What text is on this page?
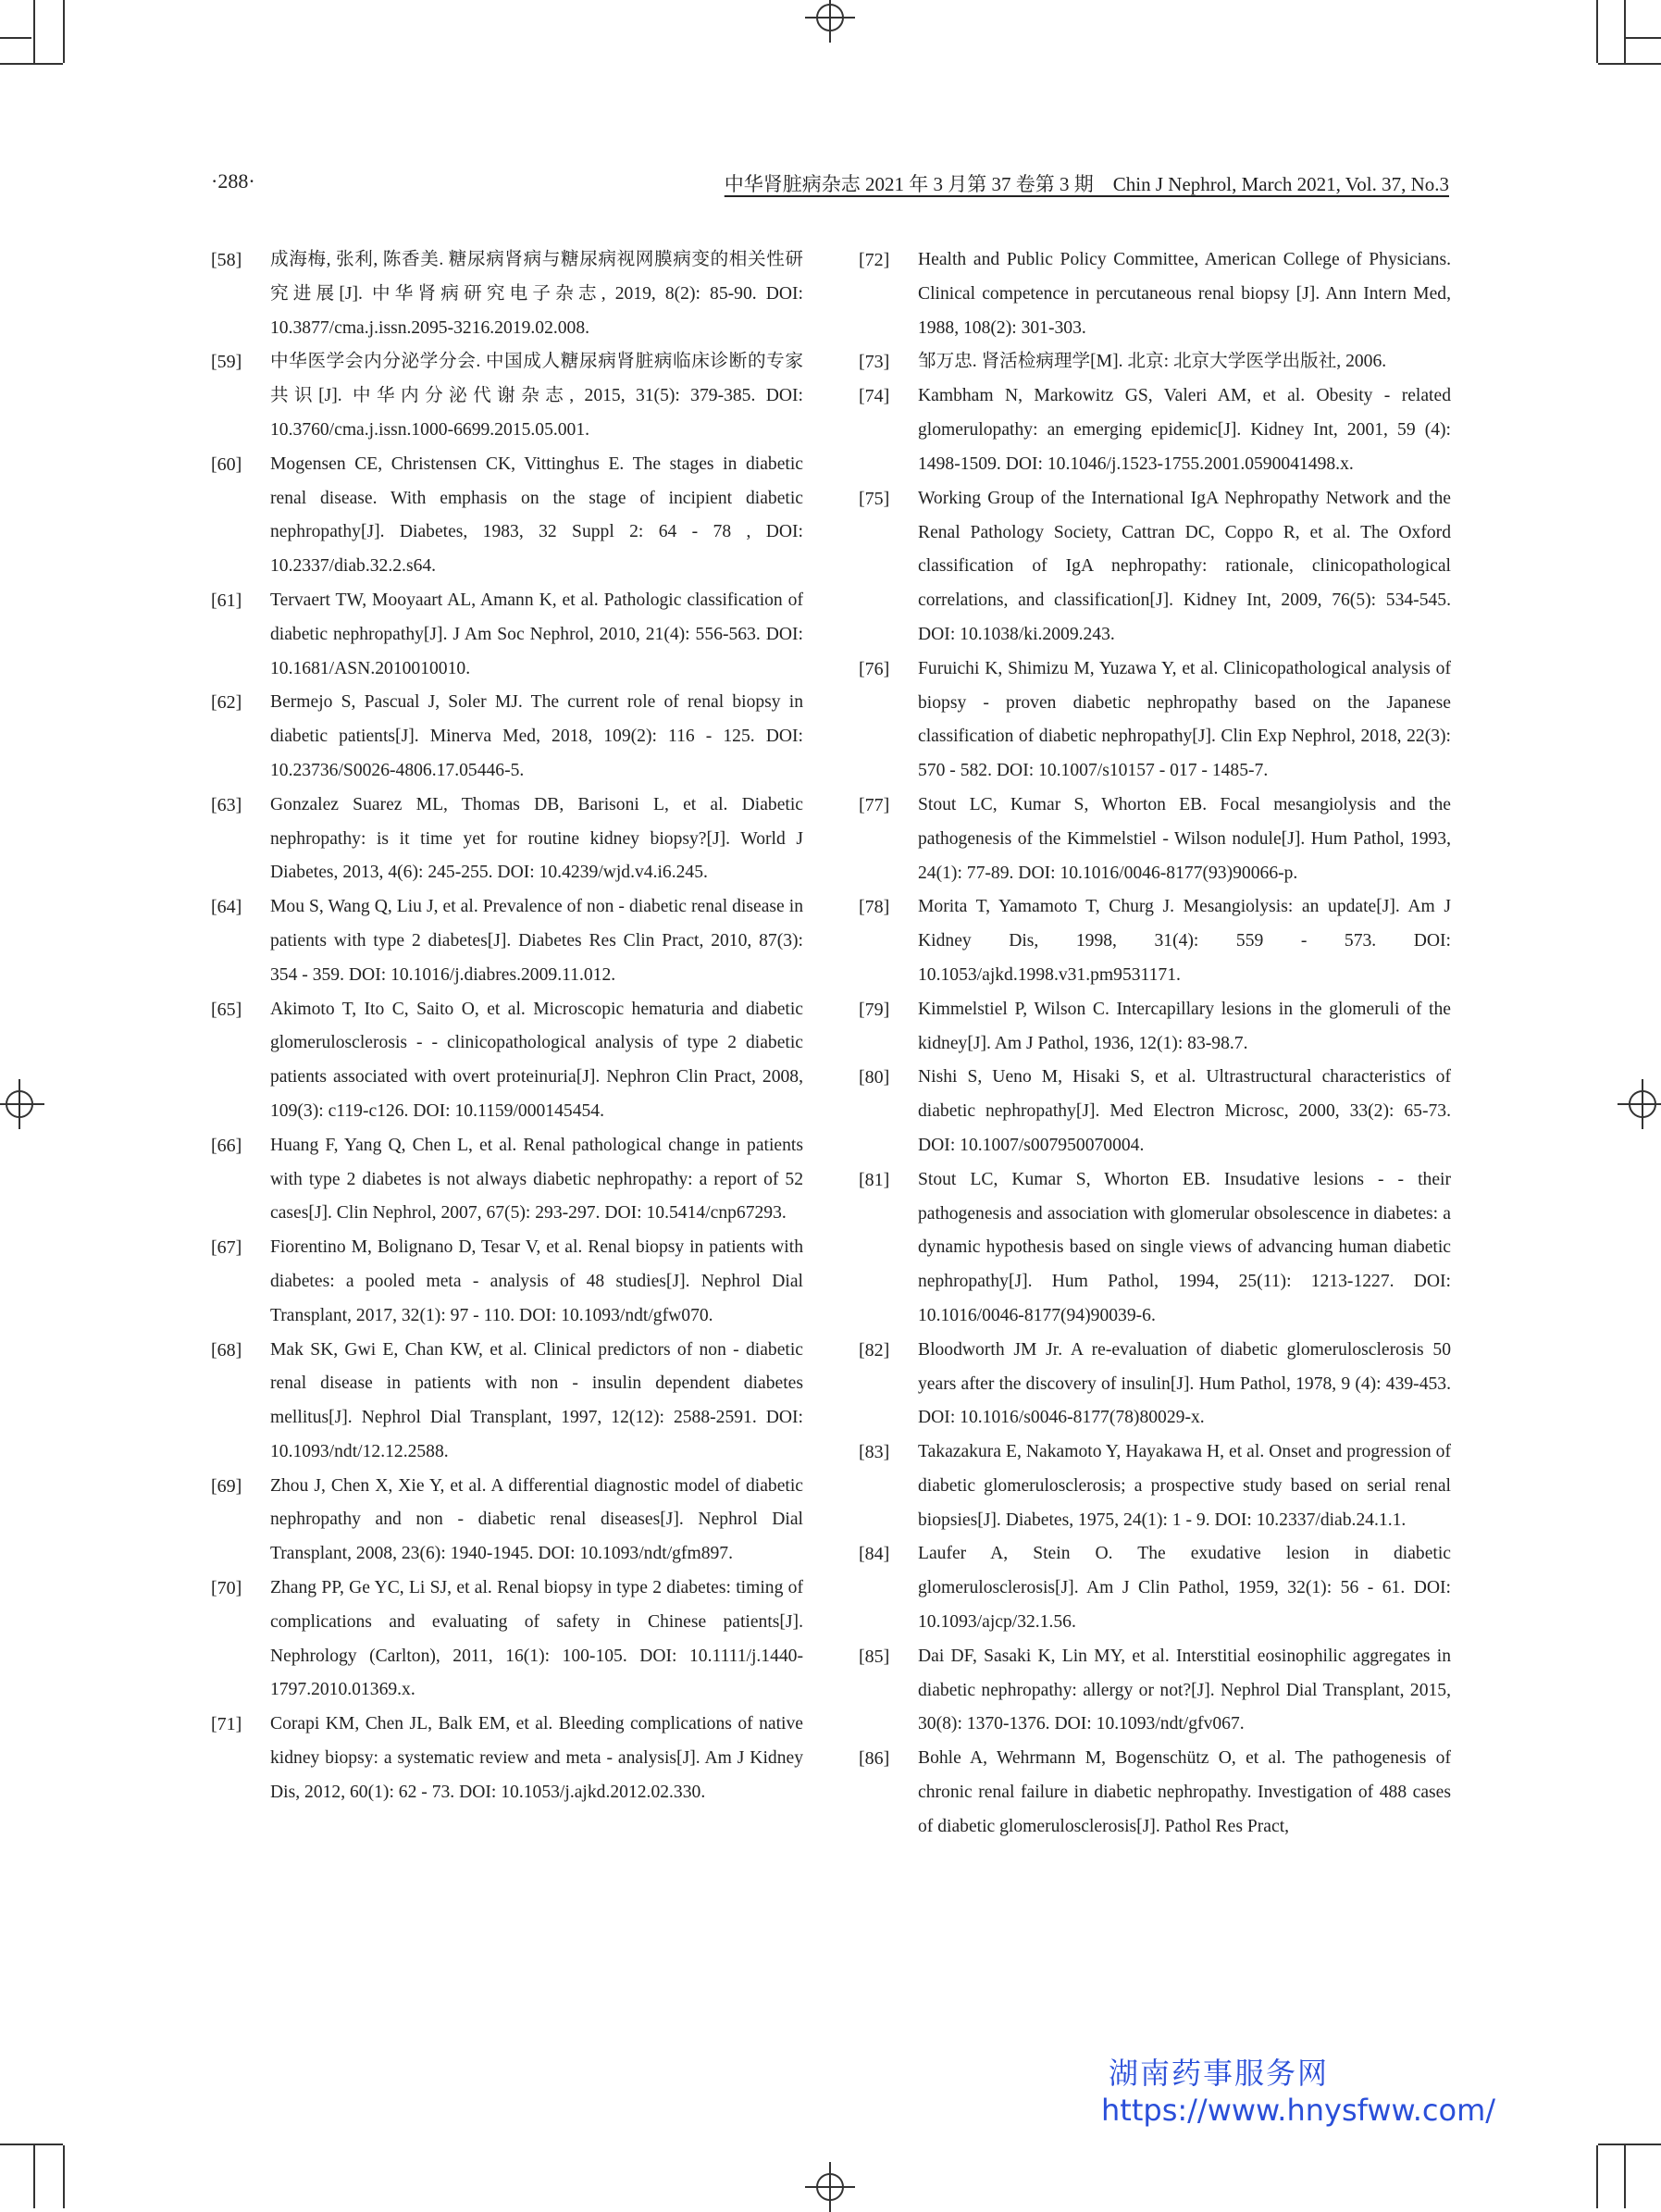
·288·	中华肾脏病杂志 2021 年 3 月第 37 卷第 3 期　Chin J Nephrol, March 2021, Vol. 37, No.3
[58]	成海梅, 张利, 陈香美. 糖尿病肾病与糖尿病视网膜病变的相关性研究进展[J]. 中华肾病研究电子杂志, 2019, 8(2): 85-90. DOI: 10.3877/cma.j.issn.2095-3216.2019.02.008.
[59]	中华医学会内分泌学分会. 中国成人糖尿病肾脏病临床诊断的专家共识[J]. 中华内分泌代谢杂志, 2015, 31(5): 379-385. DOI: 10.3760/cma.j.issn.1000-6699.2015.05.001.
[60]	Mogensen CE, Christensen CK, Vittinghus E. The stages in diabetic renal disease. With emphasis on the stage of incipient diabetic nephropathy[J]. Diabetes, 1983, 32 Suppl 2: 64 - 78 , DOI: 10.2337/diab.32.2.s64.
[61]	Tervaert TW, Mooyaart AL, Amann K, et al. Pathologic classification of diabetic nephropathy[J]. J Am Soc Nephrol, 2010, 21(4): 556-563. DOI: 10.1681/ASN.2010010010.
[62]	Bermejo S, Pascual J, Soler MJ. The current role of renal biopsy in diabetic patients[J]. Minerva Med, 2018, 109(2): 116 - 125. DOI: 10.23736/S0026-4806.17.05446-5.
[63]	Gonzalez Suarez ML, Thomas DB, Barisoni L, et al. Diabetic nephropathy: is it time yet for routine kidney biopsy?[J]. World J Diabetes, 2013, 4(6): 245-255. DOI: 10.4239/wjd.v4.i6.245.
[64]	Mou S, Wang Q, Liu J, et al. Prevalence of non - diabetic renal disease in patients with type 2 diabetes[J]. Diabetes Res Clin Pract, 2010, 87(3): 354 - 359. DOI: 10.1016/j.diabres.2009.11.012.
[65]	Akimoto T, Ito C, Saito O, et al. Microscopic hematuria and diabetic glomerulosclerosis - - clinicopathological analysis of type 2 diabetic patients associated with overt proteinuria[J]. Nephron Clin Pract, 2008, 109(3): c119-c126. DOI: 10.1159/000145454.
[66]	Huang F, Yang Q, Chen L, et al. Renal pathological change in patients with type 2 diabetes is not always diabetic nephropathy: a report of 52 cases[J]. Clin Nephrol, 2007, 67(5): 293-297. DOI: 10.5414/cnp67293.
[67]	Fiorentino M, Bolignano D, Tesar V, et al. Renal biopsy in patients with diabetes: a pooled meta - analysis of 48 studies[J]. Nephrol Dial Transplant, 2017, 32(1): 97 - 110. DOI: 10.1093/ndt/gfw070.
[68]	Mak SK, Gwi E, Chan KW, et al. Clinical predictors of non - diabetic renal disease in patients with non - insulin dependent diabetes mellitus[J]. Nephrol Dial Transplant, 1997, 12(12): 2588-2591. DOI: 10.1093/ndt/12.12.2588.
[69]	Zhou J, Chen X, Xie Y, et al. A differential diagnostic model of diabetic nephropathy and non - diabetic renal diseases[J]. Nephrol Dial Transplant, 2008, 23(6): 1940-1945. DOI: 10.1093/ndt/gfm897.
[70]	Zhang PP, Ge YC, Li SJ, et al. Renal biopsy in type 2 diabetes: timing of complications and evaluating of safety in Chinese patients[J]. Nephrology (Carlton), 2011, 16(1): 100-105. DOI: 10.1111/j.1440-1797.2010.01369.x.
[71]	Corapi KM, Chen JL, Balk EM, et al. Bleeding complications of native kidney biopsy: a systematic review and meta - analysis[J]. Am J Kidney Dis, 2012, 60(1): 62 - 73. DOI: 10.1053/j.ajkd.2012.02.330.
[72]	Health and Public Policy Committee, American College of Physicians. Clinical competence in percutaneous renal biopsy [J]. Ann Intern Med, 1988, 108(2): 301-303.
[73]	邹万忠. 肾活检病理学[M]. 北京: 北京大学医学出版社, 2006.
[74]	Kambham N, Markowitz GS, Valeri AM, et al. Obesity - related glomerulopathy: an emerging epidemic[J]. Kidney Int, 2001, 59 (4): 1498-1509. DOI: 10.1046/j.1523-1755.2001.0590041498.x.
[75]	Working Group of the International IgA Nephropathy Network and the Renal Pathology Society, Cattran DC, Coppo R, et al. The Oxford classification of IgA nephropathy: rationale, clinicopathological correlations, and classification[J]. Kidney Int, 2009, 76(5): 534-545. DOI: 10.1038/ki.2009.243.
[76]	Furuichi K, Shimizu M, Yuzawa Y, et al. Clinicopathological analysis of biopsy - proven diabetic nephropathy based on the Japanese classification of diabetic nephropathy[J]. Clin Exp Nephrol, 2018, 22(3): 570 - 582. DOI: 10.1007/s10157 - 017 - 1485-7.
[77]	Stout LC, Kumar S, Whorton EB. Focal mesangiolysis and the pathogenesis of the Kimmelstiel - Wilson nodule[J]. Hum Pathol, 1993, 24(1): 77-89. DOI: 10.1016/0046-8177(93)90066-p.
[78]	Morita T, Yamamoto T, Churg J. Mesangiolysis: an update[J]. Am J Kidney Dis, 1998, 31(4): 559 - 573. DOI: 10.1053/ajkd.1998.v31.pm9531171.
[79]	Kimmelstiel P, Wilson C. Intercapillary lesions in the glomeruli of the kidney[J]. Am J Pathol, 1936, 12(1): 83-98.7.
[80]	Nishi S, Ueno M, Hisaki S, et al. Ultrastructural characteristics of diabetic nephropathy[J]. Med Electron Microsc, 2000, 33(2): 65-73. DOI: 10.1007/s007950070004.
[81]	Stout LC, Kumar S, Whorton EB. Insudative lesions - - their pathogenesis and association with glomerular obsolescence in diabetes: a dynamic hypothesis based on single views of advancing human diabetic nephropathy[J]. Hum Pathol, 1994, 25(11): 1213-1227. DOI: 10.1016/0046-8177(94)90039-6.
[82]	Bloodworth JM Jr. A re-evaluation of diabetic glomerulosclerosis 50 years after the discovery of insulin[J]. Hum Pathol, 1978, 9 (4): 439-453. DOI: 10.1016/s0046-8177(78)80029-x.
[83]	Takazakura E, Nakamoto Y, Hayakawa H, et al. Onset and progression of diabetic glomerulosclerosis; a prospective study based on serial renal biopsies[J]. Diabetes, 1975, 24(1): 1 - 9. DOI: 10.2337/diab.24.1.1.
[84]	Laufer A, Stein O. The exudative lesion in diabetic glomerulosclerosis[J]. Am J Clin Pathol, 1959, 32(1): 56 - 61. DOI: 10.1093/ajcp/32.1.56.
[85]	Dai DF, Sasaki K, Lin MY, et al. Interstitial eosinophilic aggregates in diabetic nephropathy: allergy or not?[J]. Nephrol Dial Transplant, 2015, 30(8): 1370-1376. DOI: 10.1093/ndt/gfv067.
[86]	Bohle A, Wehrmann M, Bogenschütz O, et al. The pathogenesis of chronic renal failure in diabetic nephropathy. Investigation of 488 cases of diabetic glomerulosclerosis[J]. Pathol Res Pract,
湖南药事服务网
https://www.hnysfww.com/
